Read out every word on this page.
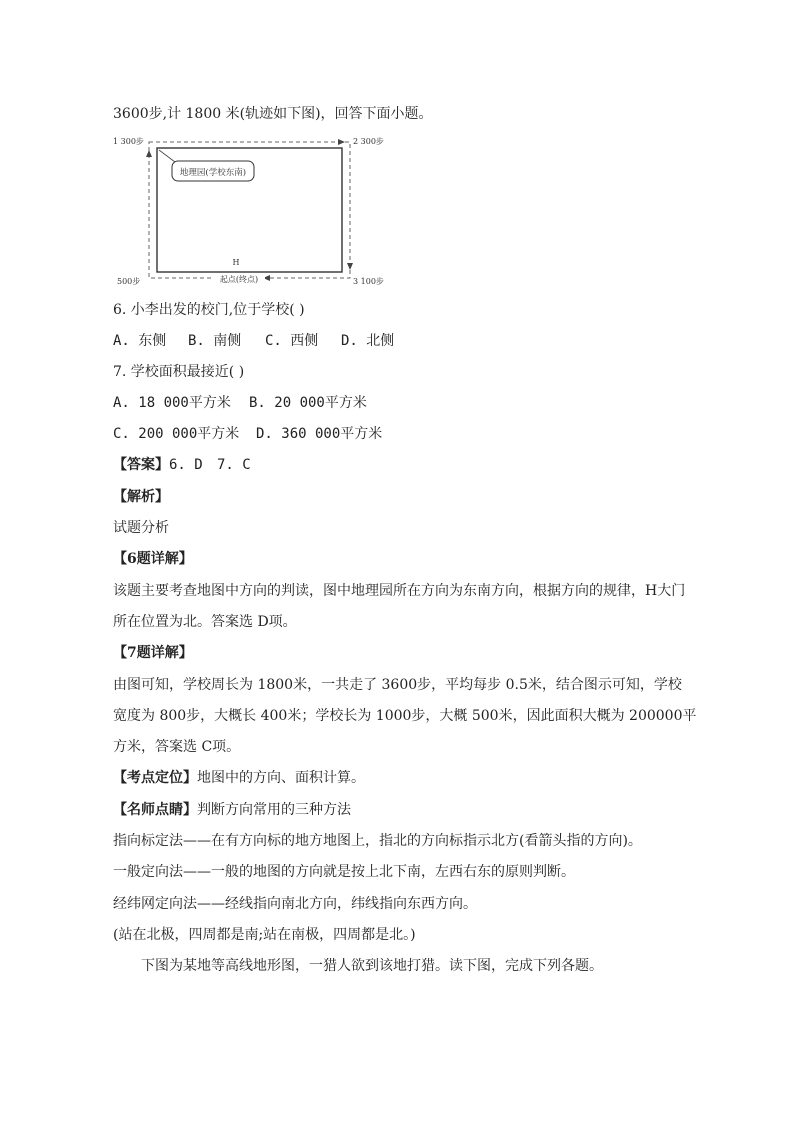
3600步,计 1800 米(轨迹如下图)，回答下面小题。
地理园(学校东南)
H
1 300步	2 300步
500步	3 100步
起点(终点)
6. 小李出发的校门,位于学校( )
A. 东侧 B. 南侧 C. 西侧 D. 北侧
7. 学校面积最接近( )
A. 18 000平方米 B. 20 000平方米
C. 200 000平方米 D. 360 000平方米
【答案】6. D 7. C
【解析】
试题分析
【6题详解】
该题主要考查地图中方向的判读，图中地理园所在方向为东南方向，根据方向的规律，H大门
所在位置为北。答案选 D项。
【7题详解】
由图可知，学校周长为 1800米，一共走了 3600步，平均每步 0.5米，结合图示可知，学校
宽度为 800步，大概长 400米；学校长为 1000步，大概 500米，因此面积大概为 200000平
方米，答案选 C项。
【考点定位】地图中的方向、面积计算。
【名师点睛】判断方向常用的三种方法
指向标定法——在有方向标的地方地图上，指北的方向标指示北方(看箭头指的方向)。
一般定向法——一般的地图的方向就是按上北下南，左西右东的原则判断。
经纬网定向法——经线指向南北方向，纬线指向东西方向。
(站在北极，四周都是南;站在南极，四周都是北。)
下图为某地等高线地形图，一猎人欲到该地打猎。读下图，完成下列各题。
